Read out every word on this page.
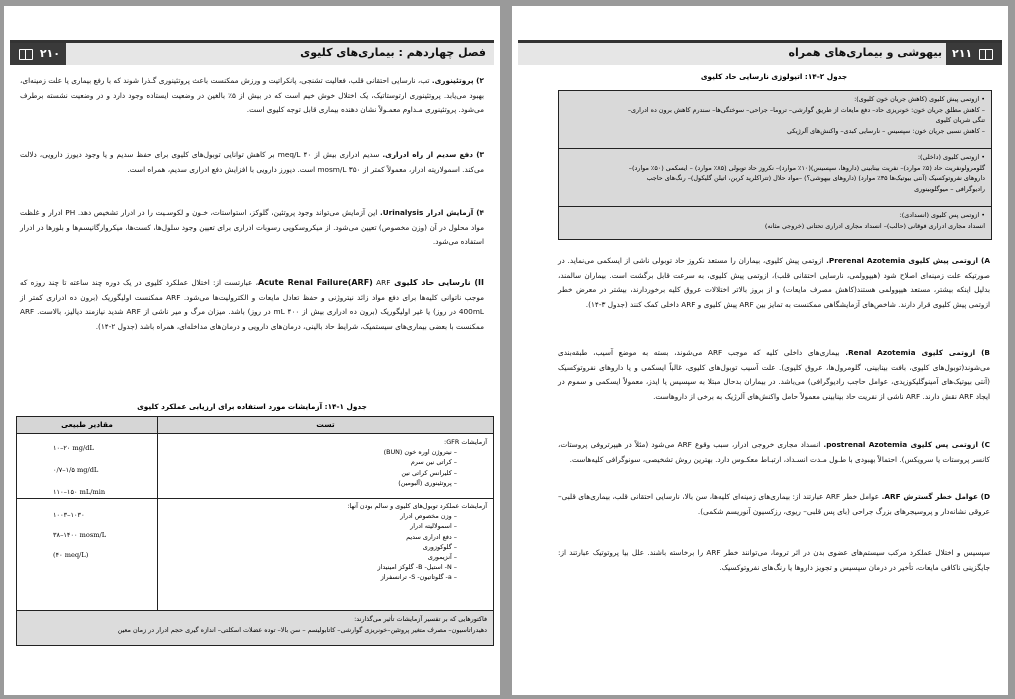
۲۱۰	فصل چهاردهم : بیماری‌های کلیوی
۲) پروتئینوری. تب، نارسایی احتقانی قلب، فعالیت تشنجی، پانکراتیت و ورزش ممکنست باعث پروتئینوری گـذرا شوند که با رفع بیماری یا علت زمینه‌ای، بهبود می‌یابد. پروتئینوری ارتوستاتیک، یک اختلال خوش خیم است که در بیش از ۵٪ بالغین در وضعیت ایستاده وجود دارد و در وضعیت نشسته برطرف می‌شود. پروتئینوری مـداوم معمـولاً نشان دهنده بیماری قابل توجه کلیوی است.
۳) دفع سدیم از راه ادراری. سدیم ادراری بیش از ۴۰ meq/L بر کاهش توانایی توبول‌های کلیوی برای حفظ سدیم و یا وجود دیورز دارویی، دلالت می‌کند. اسمولاریته ادرار، معمولاً کمتر از ۳۵۰ mosm/L است. دیورز دارویی با افزایش دفع ادراری سدیم، همراه است.
۴) آزمایش ادرار Urinalysis. این آزمایش می‌تواند وجود پروتئین، گلوکز، استواستات، خـون و لکوسـیت را در ادرار تشخیص دهد. PH ادرار و غلظت مواد محلول در آن (وزن مخصوص) تعیین می‌شود. از میکروسکوپی رسوبات ادراری برای تعیین وجود سلول‌ها، کست‌ها، میکروارگانیسم‌ها و بلورها در ادرار استفاده می‌شود.
II) نارسایی حاد کلیوی Acute Renal Failure(ARF) ARF، عبارتست از: اختلال عملکرد کلیوی در یک دوره چند ساعته تا چند روزه که موجب ناتوانی کلیه‌ها برای دفع مواد زائد نیتروژنی و حفظ تعادل مایعات و الکترولیت‌ها می‌شود. ARF ممکنست اولیگوریک (برون ده ادراری کمتر از 400mL در روز) یا غیر اولیگوریک (برون ده ادراری بیش از ۴۰۰ mL در روز) باشد. میزان مرگ و میر ناشی از ARF شدید نیازمند دیالیز، بالاست. ARF ممکنست با بعضی بیماری‌های سیستمیک، شرایط حاد بالینی، درمان‌های دارویی و درمان‌های مداخله‌ای، همراه باشد (جدول ۲-۱۴).
جدول ۱-۱۴: آزمایشات مورد استفاده برای ارزیابی عملکرد کلیوی
مقادیر طبیعی	تست
آزمایشات GFR:
– نیتروژن اوره خون (BUN)
– کراتی نین سرم
– کلیرانس کراتی نین
– پروتئینوری (آلبومین)
۱۰–۲۰ mg/dL
۰/۷–۱/۵ mg/dL
۱۱۰–۱۵۰ mL/min
آزمایشات عملکرد توبول‌های کلیوی و سالم بودن آنها:
– وزن مخصوص ادرار
– اسمولالیته ادرار
– دفع ادراری سدیم
– گلوکوزوری
– آنزیموری
– N- استیل- B- گلوکز امینیداز
– a- گلوتاتیون- S- ترانسفراز
۱۰۰۳–۱۰۳۰
۳۸–۱۴۰۰ mosm/L
(۴۰ meq/L)
فاکتورهایی که بر تفسیر آزمایشات تأثیر می‌گذارند:
دهیدراتاسیون– مصرف متغیر پروتئین–خونریزی گوارشی– کاتابولیسم – سن بالا– توده عضلات اسکلتی– اندازه گیری حجم ادرار در زمان معین
۲۱۱
بیهوشی و بیماری‌های همراه
جدول ۲-۱۴: اتیولوژی نارسایی حاد کلیوی
• ازوتمی پیش کلیوی (کاهش جریان خون کلیوی):
– کاهش مطلق جریان خون: خونریزی حاد– دفع مایعات از طریق گوارشی– تروما– جراحی– سوختگی‌ها– سندرم کاهش برون ده ادراری–
تنگی شریان کلیوی
– کاهش نسبی جریان خون: سپسیس – نارسایی کبدی– واکنش‌های آلرژیکی
• ازوتمی کلیوی (داخلی):
گلومرولونفریت حاد (۵٪ موارد)– نفریت بینابینی (داروها، سپسیس)(۱۰٪ موارد)– نکروز حاد توبولی (۸۵٪ موارد) – ایسکمی (۵۰٪ موارد)–
داروهای نفروتوکسیک (آنتی بیوتیک‌ها ۳۵٪ موارد) (داروهای بیهوشی؟) –مواد حلال (تتراکلرید کربن، اتیلن گلیکول)– رنگ‌های حاجب
رادیوگرافی – میوگلوبینوری
• ازوتمی پس کلیوی (انسدادی):
انسداد مجاری ادراری فوقانی (حالب)– انسداد مجاری ادراری تحتانی (خروجی مثانه)
A) ازوتمی پیش کلیوی Prerenal Azotemia. ازوتمی پیش کلیوی، بیماران را مستعد نکروز حاد توبولی ناشی از ایسکمی می‌نماید. در صورتیکه علت زمینه‌ای اصلاح شود (هیپوولمی، نارسایی احتقانی قلب)، ازوتمی پیش کلیوی، به سرعت قابل برگشت است. بیماران سالمند، بدلیل اینکه بیشتر، مستعد هیپوولمی هستند(کاهش مصرف مایعات) و از بروز بالاتر اختلالات عروق کلیه برخوردارند، بیشتر در معرض خطر ازوتمی پیش کلیوی قرار دارند. شاخص‌های آزمایشگاهی ممکنست به تمایز بین ARF پیش کلیوی و ARF داخلی کمک کنند (جدول ۳-۱۴).
B) ازوتمی کلیوی Renal Azotemia. بیماری‌های داخلی کلیه که موجب ARF می‌شوند، بسته به موضع آسیب، طبقه‌بندی می‌شوند(توبول‌های کلیوی، بافت بینابینی، گلومرول‌ها، عروق کلیوی). علت آسیب توبول‌های کلیوی، غالباً ایسکمی و یا داروهای نفروتوکسیک (آنتی بیوتیک‌های آمینوگلیکوزیدی، عوامل حاجب رادیوگرافی) می‌باشد. در بیماران بدحال مبتلا به سپسیس یا ایدز، معمولاً ایسکمی و سموم در ایجاد ARF نقش دارند. ARF ناشی از نفریت حاد بینابینی معمولاً حامل واکنش‌های آلرژیک به برخی از داروهاست.
C) ازوتمی پس کلیوی postrenal Azotemia. انسداد مجاری خروجی ادرار، سبب وقوع ARF می‌شود (مثلاً در هیپرتروفی پروستات، کانسر پروستات یا سرویکس). احتمالاً بهبودی با طـول مـدت انسـداد، ارتبـاط معکـوس دارد. بهترین روش تشخیصی، سونوگرافی کلیه‌هاست.
D) عوامل خطر گسترش ARF. عوامل خطر ARF عبارتند از: بیماری‌های زمینه‌ای کلیه‌ها، سن بالا، نارسایی احتقانی قلب، بیماری‌های قلبی– عروقی نشانه‌دار و پروسیجرهای بزرگ جراحی (بای پس قلبی– ریوی، رزکسیون آنوریسم شکمی).
سپسیس و اختلال عملکرد مرکب سیستم‌های عضوی بدن در اثر تروما، می‌توانند خطر ARF را برخاسته باشند. علل بیا پروتوتیک عبارتند از: جایگزینی ناکافی مایعات، تأخیر در درمان سپسیس و تجویز داروها یا رنگ‌های نفروتوکسیک.
